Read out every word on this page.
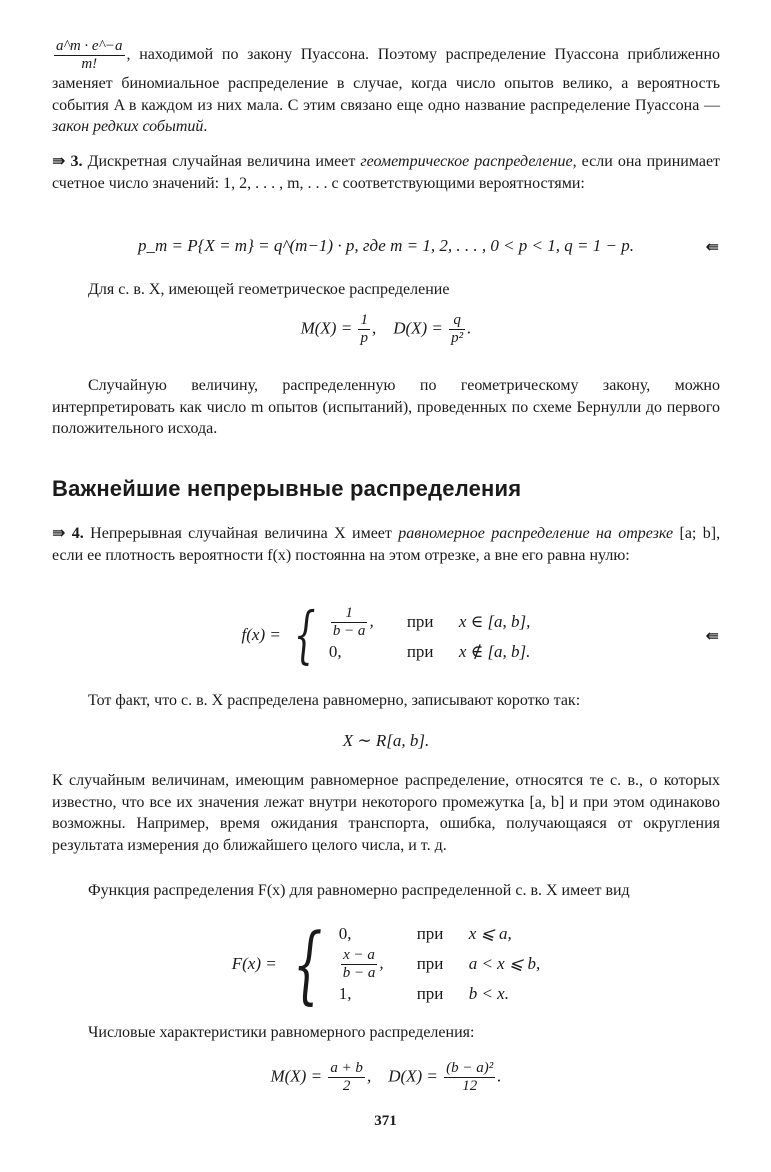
$\frac{a\^{}m \cdot e\^{}-a}{m!}$ , находимой по закону Пуассона. Поэтому распределение Пуассона приближенно заменяет биномиальное распределение в случае, когда число опытов велико, а вероятность события A в каждом из них мала. С этим связано еще одно название распределение Пуассона — закон редких событий.
⇛ 3. Дискретная случайная величина имеет геометрическое распределение, если она принимает счетное число значений: 1, 2, . . . , m, . . . с соответствующими вероятностями:
p_m = P{X = m} = q^(m−1) · p, где m = 1, 2, . . . , 0 < p < 1, q = 1 − p.	⇚
Для с. в. X, имеющей геометрическое распределение
$M(X) = \frac{1}{p}$ ,    $D(X) = \frac{q}{\text{p²}}$ .
Случайную величину, распределенную по геометрическому закону, можно интерпретировать как число m опытов (испытаний), проведенных по схеме Бернулли до первого положительного исхода.
Важнейшие непрерывные распределения
⇛ 4. Непрерывная случайная величина X имеет равномерное распределение на отрезке [a; b], если ее плотность вероятности f(x) постоянна на этом отрезке, а вне его равна нулю:
f(x) = { $\frac{1}{b - a}$ ,	при	x ∈ [a, b],
0,	при	x ∉ [a, b].
⇚
Тот факт, что с. в. X распределена равномерно, записывают коротко так:
X ∼ R[a, b].
К случайным величинам, имеющим равномерное распределение, относятся те с. в., о которых известно, что все их значения лежат внутри некоторого промежутка [a, b] и при этом одинаково возможны. Например, время ожидания транспорта, ошибка, получающаяся от округления результата измерения до ближайшего целого числа, и т. д.
Функция распределения F(x) для равномерно распределенной с. в. X имеет вид
F(x) = { 0,	при	x ⩽ a,
$\frac{x - a}{b - a}$ ,	при	a < x ⩽ b,
1,	при	b < x.
Числовые характеристики равномерного распределения:
$M(X) = \frac{a + b}{2}$ ,    $D(X) = \frac{\text{(b − a)²}}{12}$ .
371
